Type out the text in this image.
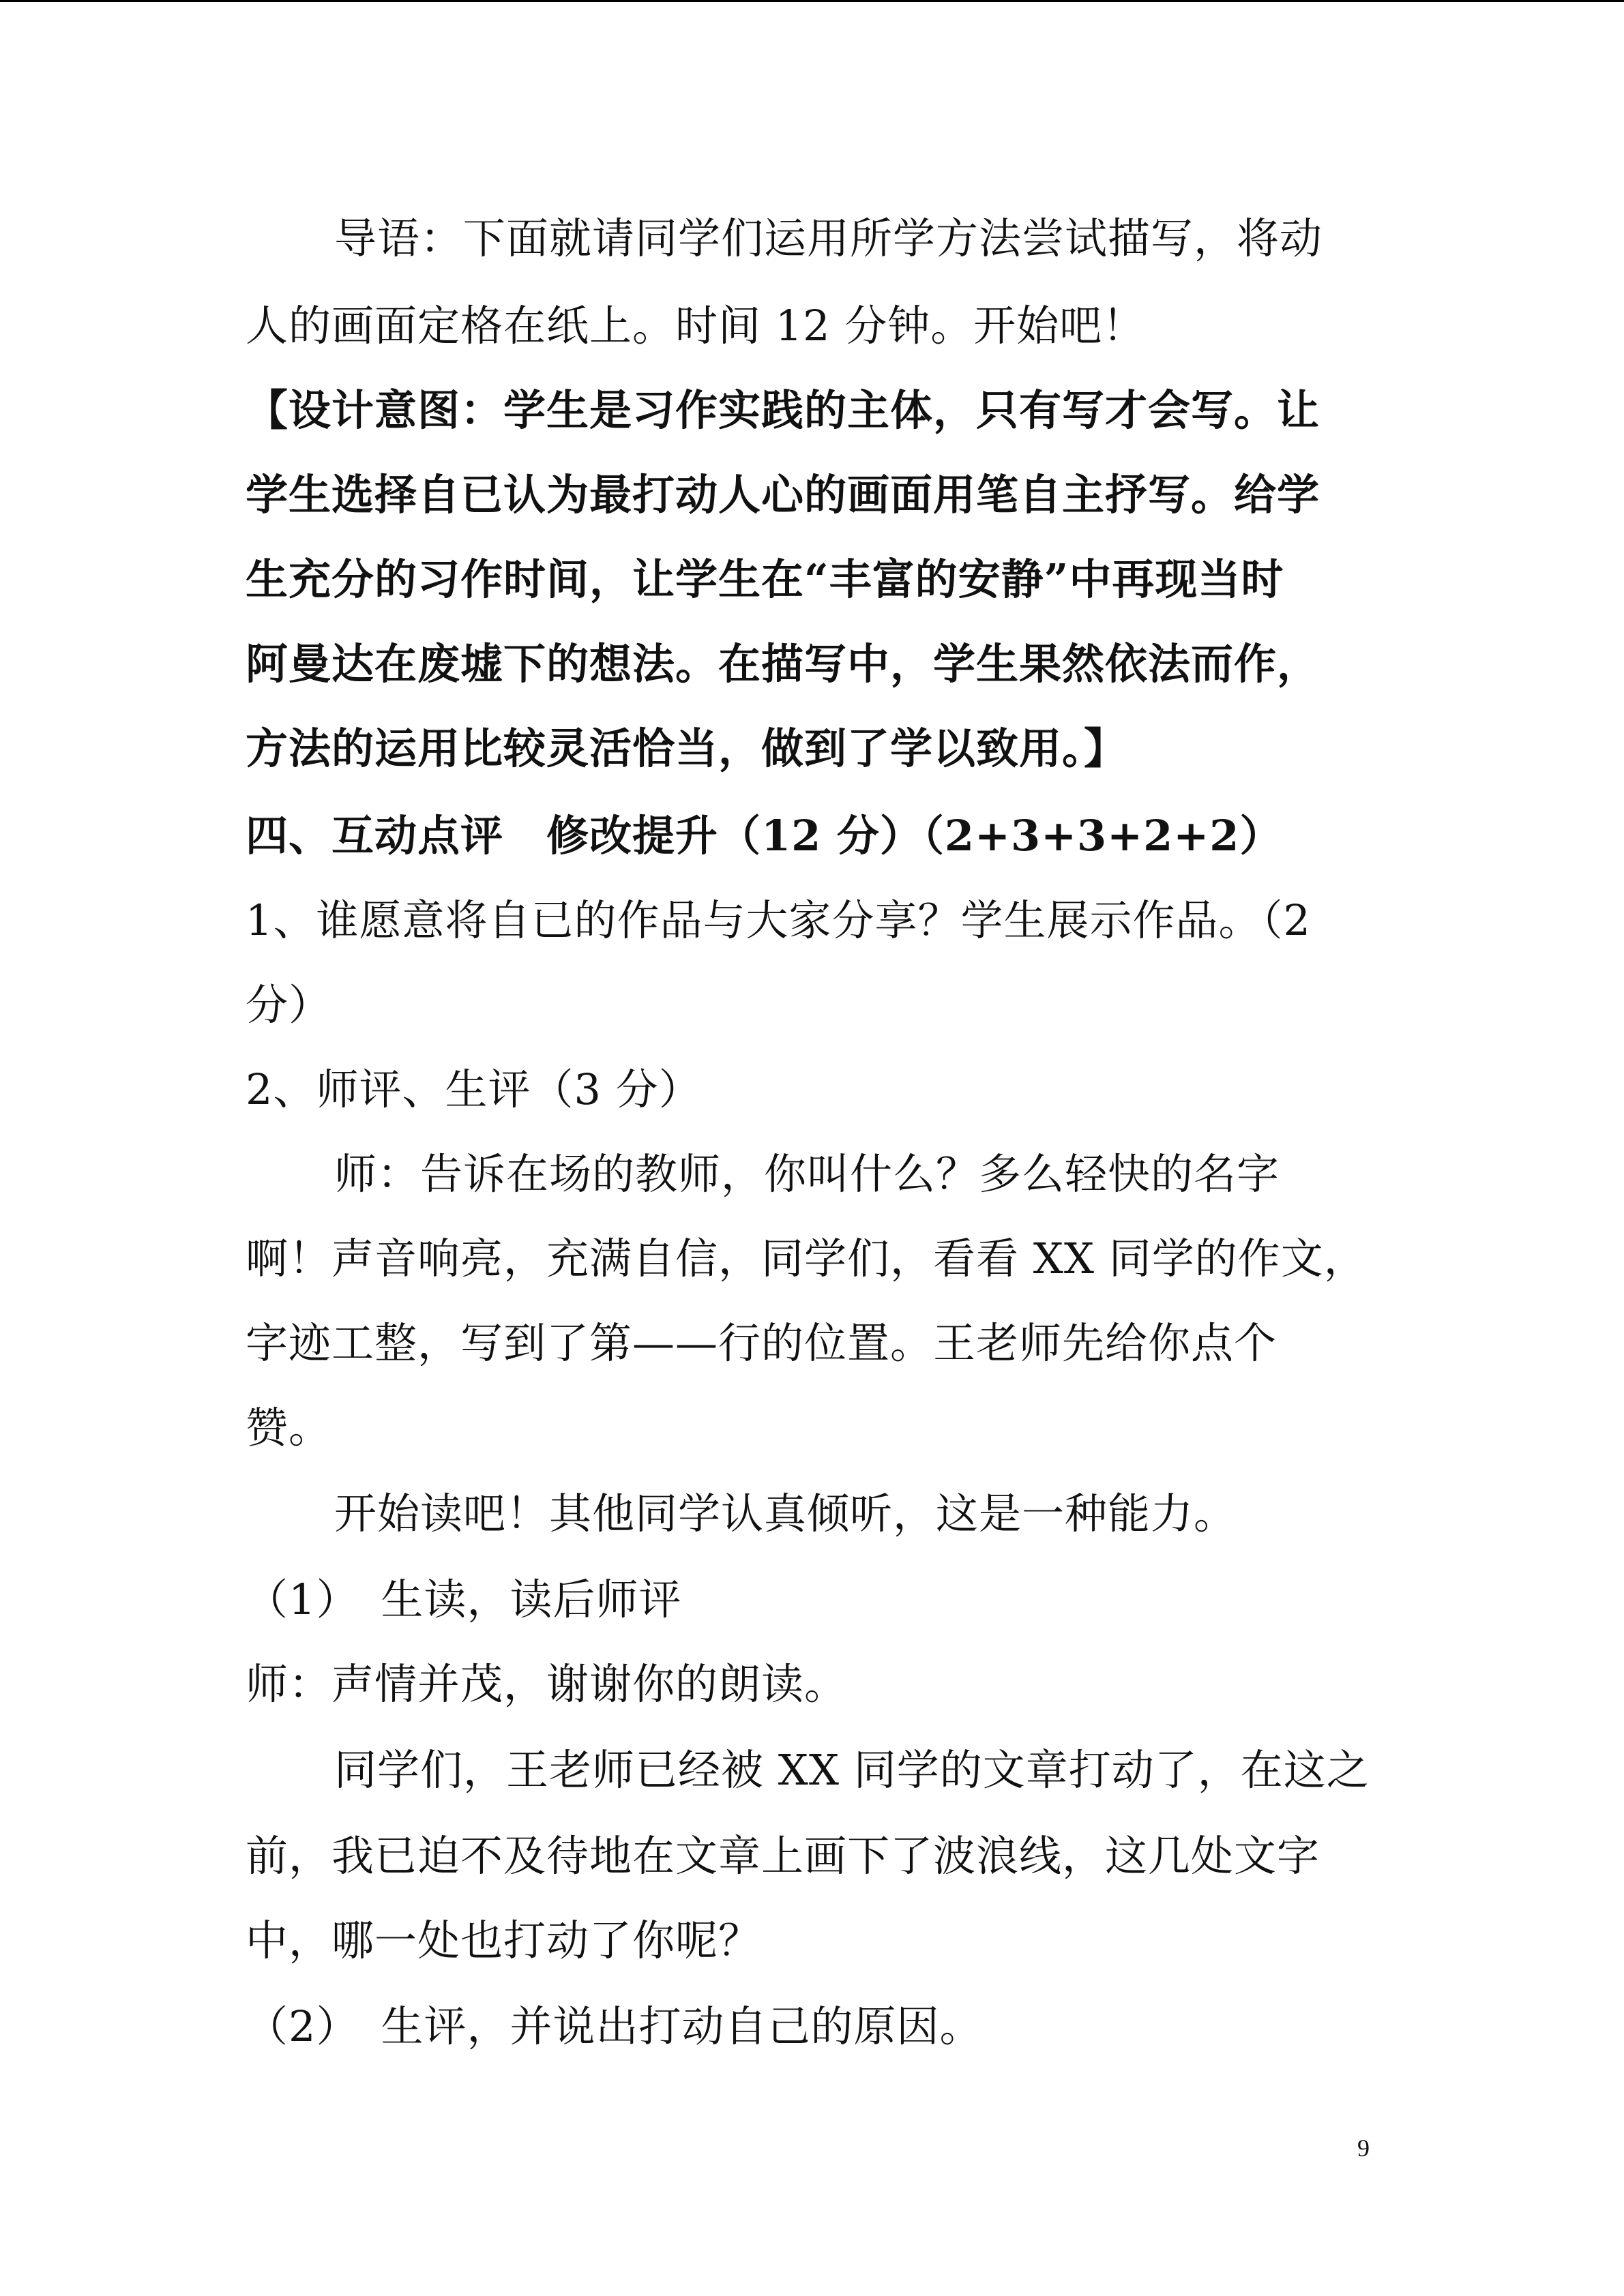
导语：下面就请同学们运用所学方法尝试描写，将动
人的画面定格在纸上。时间 12 分钟。开始吧！
【设计意图：学生是习作实践的主体，只有写才会写。让
学生选择自已认为最打动人心的画面用笔自主抒写。给学
生充分的习作时间，让学生在“丰富的安静”中再现当时
阿曼达在废墟下的想法。在描写中，学生果然依法而作，
方法的运用比较灵活恰当，做到了学以致用。】
四、互动点评　修改提升（12 分）（2+3+3+2+2）
1、谁愿意将自已的作品与大家分享？学生展示作品。（2
分）
2、师评、生评（3 分）
师：告诉在场的教师，你叫什么？多么轻快的名字
啊！声音响亮，充满自信，同学们，看看 XX 同学的作文，
字迹工整，写到了第——行的位置。王老师先给你点个
赞。
开始读吧！其他同学认真倾听，这是一种能力。
（1）　生读，读后师评
师：声情并茂，谢谢你的朗读。
同学们，王老师已经被 XX 同学的文章打动了，在这之
前，我已迫不及待地在文章上画下了波浪线，这几处文字
中，哪一处也打动了你呢？
（2）　生评，并说出打动自己的原因。
9
